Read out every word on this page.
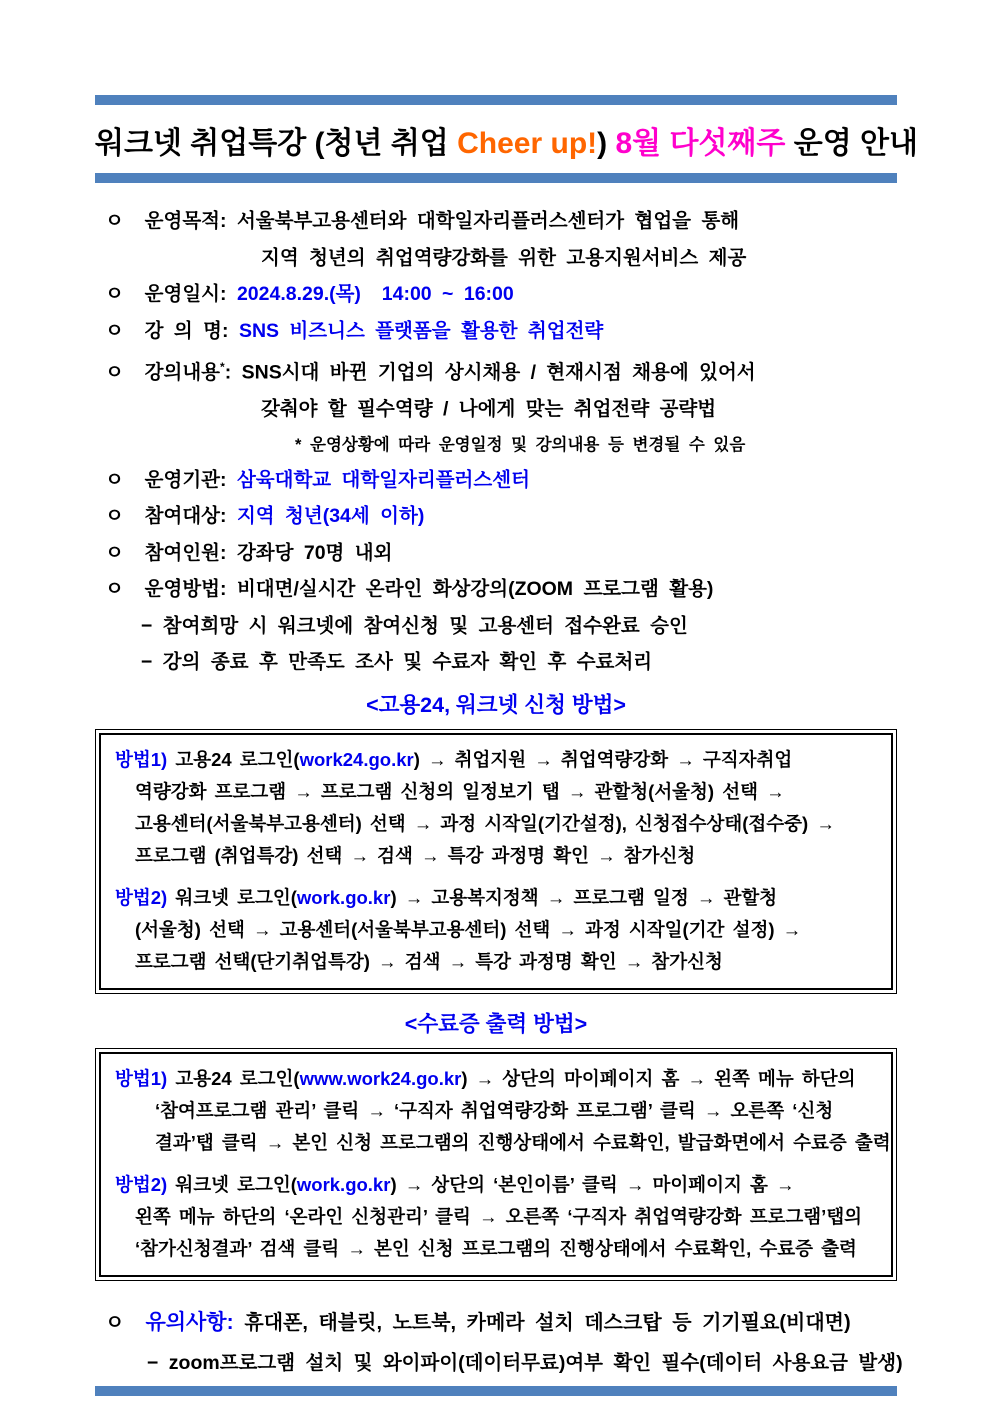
워크넷 취업특강 (청년 취업 Cheer up!) 8월 다섯째주 운영 안내
ㅇ  운영목적: 서울북부고용센터와 대학일자리플러스센터가 협업을 통해
지역 청년의 취업역량강화를 위한 고용지원서비스 제공
ㅇ  운영일시: 2024.8.29.(목)  14:00 ~ 16:00
ㅇ  강 의 명: SNS 비즈니스 플랫폼을 활용한 취업전략
ㅇ  강의내용*: SNS시대 바뀐 기업의 상시채용 / 현재시점 채용에 있어서
갖춰야 할 필수역량 / 나에게 맞는 취업전략 공략법
* 운영상황에 따라 운영일정 및 강의내용 등 변경될 수 있음
ㅇ  운영기관: 삼육대학교 대학일자리플러스센터
ㅇ  참여대상: 지역 청년(34세 이하)
ㅇ  참여인원: 강좌당 70명 내외
ㅇ  운영방법: 비대면/실시간 온라인 화상강의(ZOOM 프로그램 활용)
− 참여희망 시 워크넷에 참여신청 및 고용센터 접수완료 승인
− 강의 종료 후 만족도 조사 및 수료자 확인 후 수료처리
<고용24, 워크넷 신청 방법>
방법1) 고용24 로그인(work24.go.kr) → 취업지원 → 취업역량강화 → 구직자취업
역량강화 프로그램 → 프로그램 신청의 일정보기 탭 → 관할청(서울청) 선택 →
고용센터(서울북부고용센터) 선택 → 과정 시작일(기간설정), 신청접수상태(접수중) →
프로그램 (취업특강) 선택 → 검색 → 특강 과정명 확인 → 참가신청
방법2) 워크넷 로그인(work.go.kr) → 고용복지정책 → 프로그램 일정 → 관할청
(서울청) 선택 → 고용센터(서울북부고용센터) 선택 → 과정 시작일(기간 설정) →
프로그램 선택(단기취업특강) → 검색 → 특강 과정명 확인 → 참가신청
<수료증 출력 방법>
방법1) 고용24 로그인(www.work24.go.kr) → 상단의 마이페이지 홈 → 왼쪽 메뉴 하단의
‘참여프로그램 관리’ 클릭 → ‘구직자 취업역량강화 프로그램’ 클릭 → 오른쪽 ‘신청
결과’탭 클릭 → 본인 신청 프로그램의 진행상태에서 수료확인, 발급화면에서 수료증 출력
방법2) 워크넷 로그인(work.go.kr) → 상단의 ‘본인이름’ 클릭 → 마이페이지 홈 →
왼쪽 메뉴 하단의 ‘온라인 신청관리’ 클릭 → 오른쪽 ‘구직자 취업역량강화 프로그램’탭의
‘참가신청결과’ 검색 클릭 → 본인 신청 프로그램의 진행상태에서 수료확인, 수료증 출력
ㅇ  유의사항: 휴대폰, 태블릿, 노트북, 카메라 설치 데스크탑 등 기기필요(비대면)
− zoom프로그램 설치 및 와이파이(데이터무료)여부 확인 필수(데이터 사용요금 발생)
